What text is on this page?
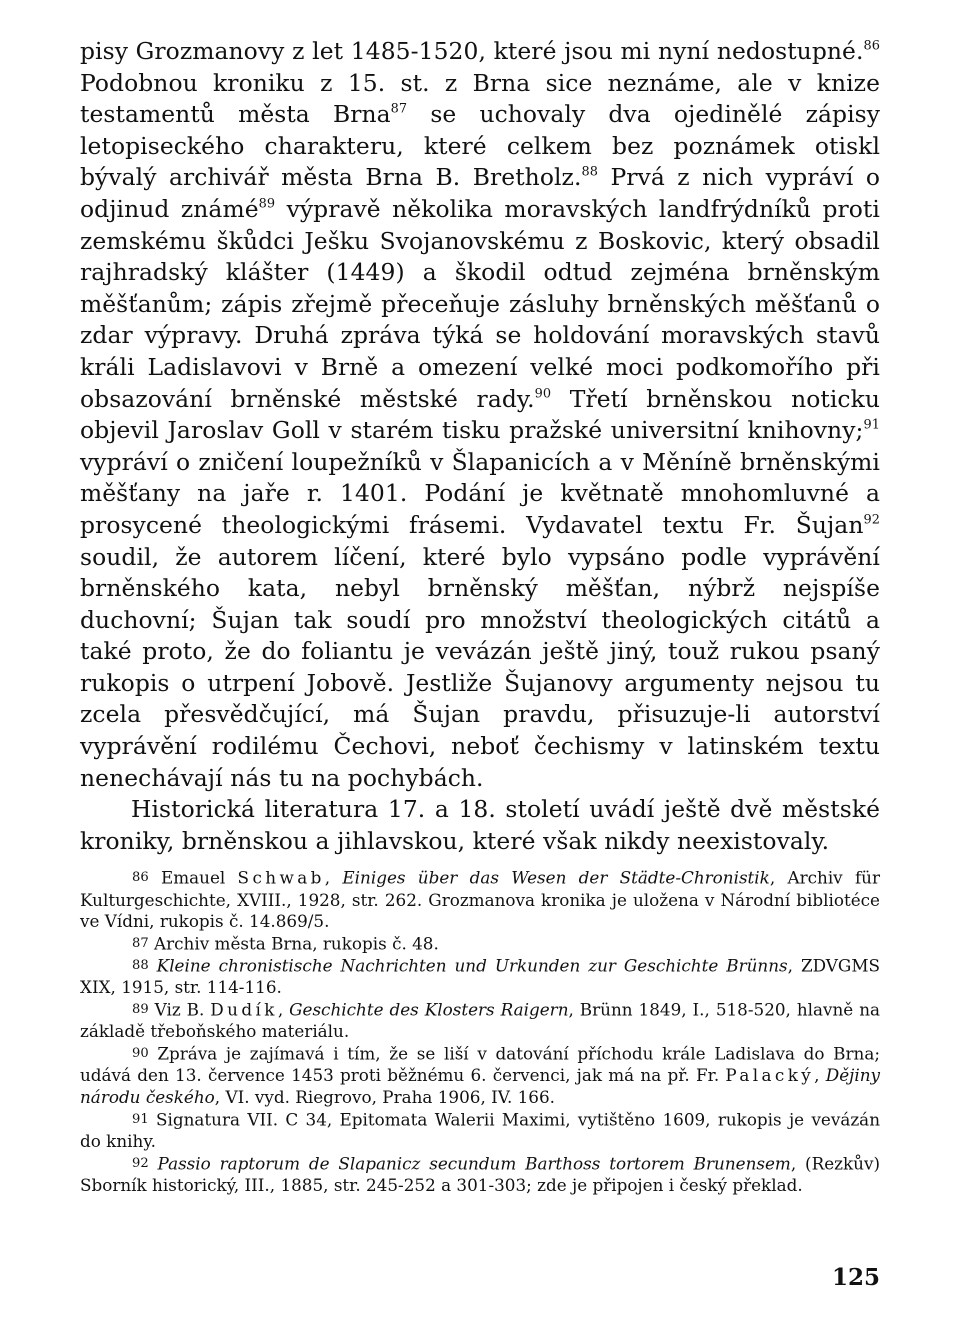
pisy Grozmanovy z let 1485-1520, které jsou mi nyní nedostupné.$^{86}$ Podobnou kroniku z 15. st. z Brna sice neznáme, ale v knize testamentů města Brna$^{87}$ se uchovaly dva ojedinělé zápisy letopiseckého charakteru, které celkem bez poznámek otiskl bývalý archivář města Brna B. Bretholz.$^{88}$ Prvá z nich vypráví o odjinud známé$^{89}$ výpravě několika moravských landfrýdníků proti zemskému škůdci Ješku Svojanovskému z Boskovic, který obsadil rajhradský klášter (1449) a škodil odtud zejména brněnským měšťanům; zápis zřejmě přeceňuje zásluhy brněnských měšťanů o zdar výpravy. Druhá zpráva týká se holdování moravských stavů králi Ladislavovi v Brně a omezení velké moci podkomořího při obsazování brněnské městské rady.$^{90}$ Třetí brněnskou noticku objevil Jaroslav Goll v starém tisku pražské universitní knihovny;$^{91}$ vypráví o zničení loupežníků v Šlapanicích a v Měníně brněnskými měšťany na jaře r. 1401. Podání je květnatě mnohomluvné a prosycené theologickými frásemi. Vydavatel textu Fr. Šujan$^{92}$ soudil, že autorem líčení, které bylo vypsáno podle vyprávění brněnského kata, nebyl brněnský měšťan, nýbrž nejspíše duchovní; Šujan tak soudí pro množství theologických citátů a také proto, že do foliantu je vevázán ještě jiný, touž rukou psaný rukopis o utrpení Jobově. Jestliže Šujanovy argumenty nejsou tu zcela přesvědčující, má Šujan pravdu, přisuzuje-li autorství vyprávění rodilému Čechovi, neboť čechismy v latinském textu nenechávají nás tu na pochybách.

Historická literatura 17. a 18. století uvádí ještě dvě městské kroniky, brněnskou a jihlavskou, které však nikdy neexistovaly.

86 Emauel Schwab, Einiges über das Wesen der Städte-Chronistik, Archiv für Kulturgeschichte, XVIII., 1928, str. 262. Grozmanova kronika je uložena v Národní bibliotéce ve Vídni, rukopis č. 14.869/5.

87 Archiv města Brna, rukopis č. 48.

88 Kleine chronistische Nachrichten und Urkunden zur Geschichte Brünns, ZDVGMS XIX, 1915, str. 114-116.

89 Viz B. Dudík, Geschichte des Klosters Raigern, Brünn 1849, I., 518-520, hlavně na základě třeboňského materiálu.

90 Zpráva je zajímavá i tím, že se liší v datování příchodu krále Ladislava do Brna; udává den 13. července 1453 proti běžnému 6. červenci, jak má na př. Fr. Palacký, Dějiny národu českého, VI. vyd. Riegrovo, Praha 1906, IV. 166.

91 Signatura VII. C 34, Epitomata Walerii Maximi, vytištěno 1609, rukopis je vevázán do knihy.

92 Passio raptorum de Slapanicz secundum Barthoss tortorem Brunensem, (Rezkův) Sborník historický, III., 1885, str. 245-252 a 301-303; zde je připojen i český překlad.

125
